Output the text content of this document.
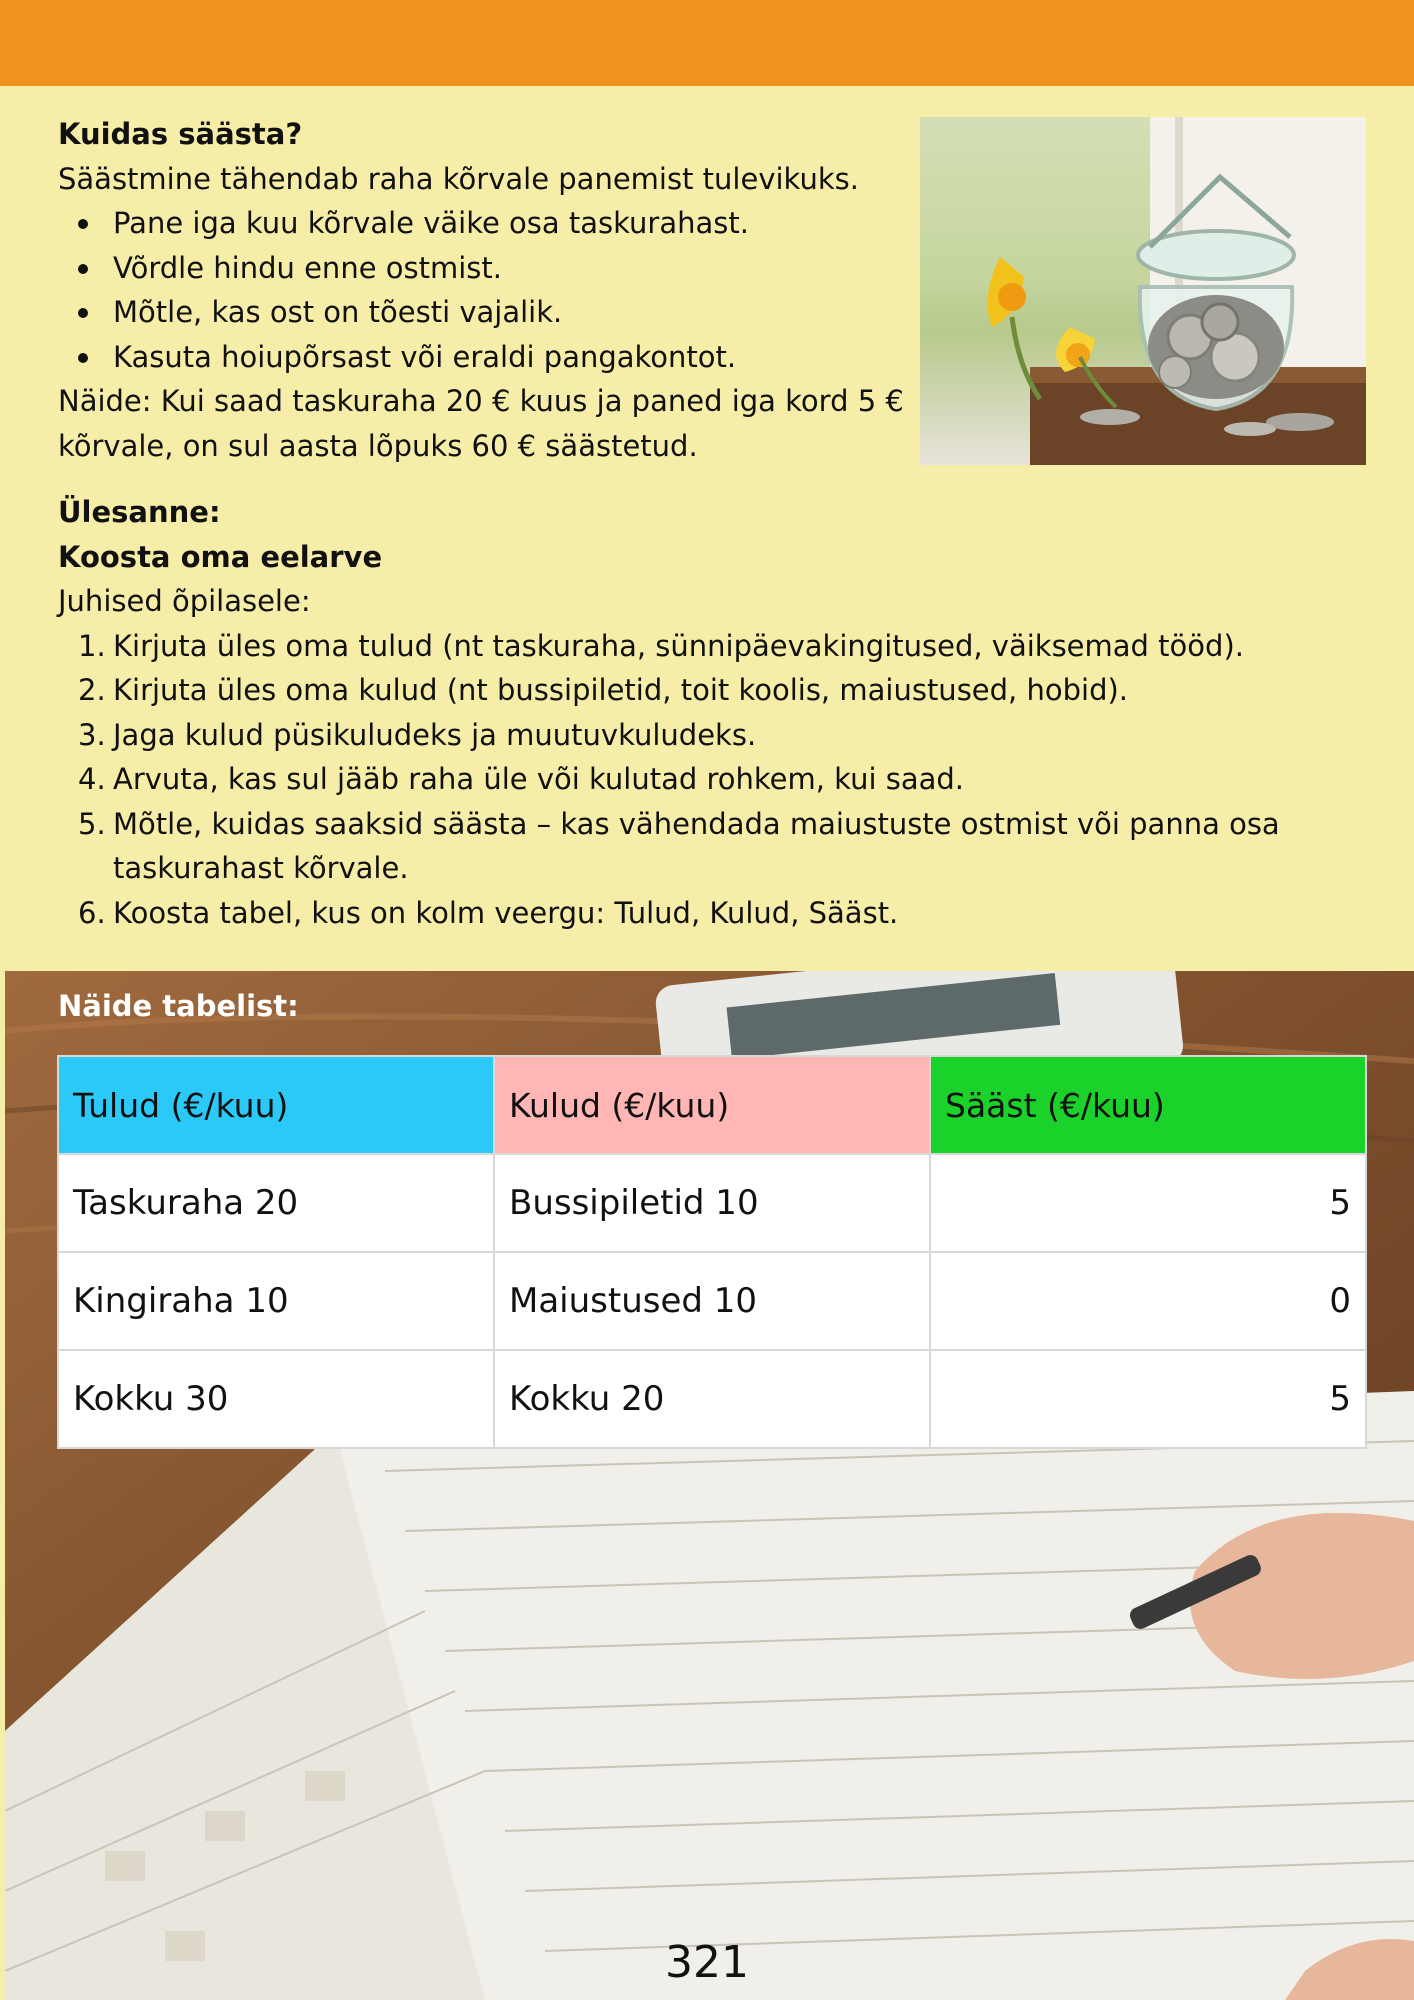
Kuidas säästa?
Säästmine tähendab raha kõrvale panemist tulevikuks.
Pane iga kuu kõrvale väike osa taskurahast.
Võrdle hindu enne ostmist.
Mõtle, kas ost on tõesti vajalik.
Kasuta hoiupõrsast või eraldi pangakontot.
Näide: Kui saad taskuraha 20 € kuus ja paned iga kord 5 € kõrvale, on sul aasta lõpuks 60 € säästetud.
Ülesanne:
Koosta oma eelarve
Juhised õpilasele:
1. Kirjuta üles oma tulud (nt taskuraha, sünnipäevakingitused, väiksemad tööd).
2. Kirjuta üles oma kulud (nt bussipiletid, toit koolis, maiustused, hobid).
3. Jaga kulud püsikuludeks ja muutuvkuludeks.
4. Arvuta, kas sul jääb raha üle või kulutad rohkem, kui saad.
5. Mõtle, kuidas saaksid säästa – kas vähendada maiustuste ostmist või panna osa taskurahast kõrvale.
6. Koosta tabel, kus on kolm veergu: Tulud, Kulud, Sääst.
Näide tabelist:
Tulud (€/kuu)	Kulud (€/kuu)	Sääst (€/kuu)
Taskuraha 20	Bussipiletid 10	5
Kingiraha 10	Maiustused 10	0
Kokku 30	Kokku 20	5
321
